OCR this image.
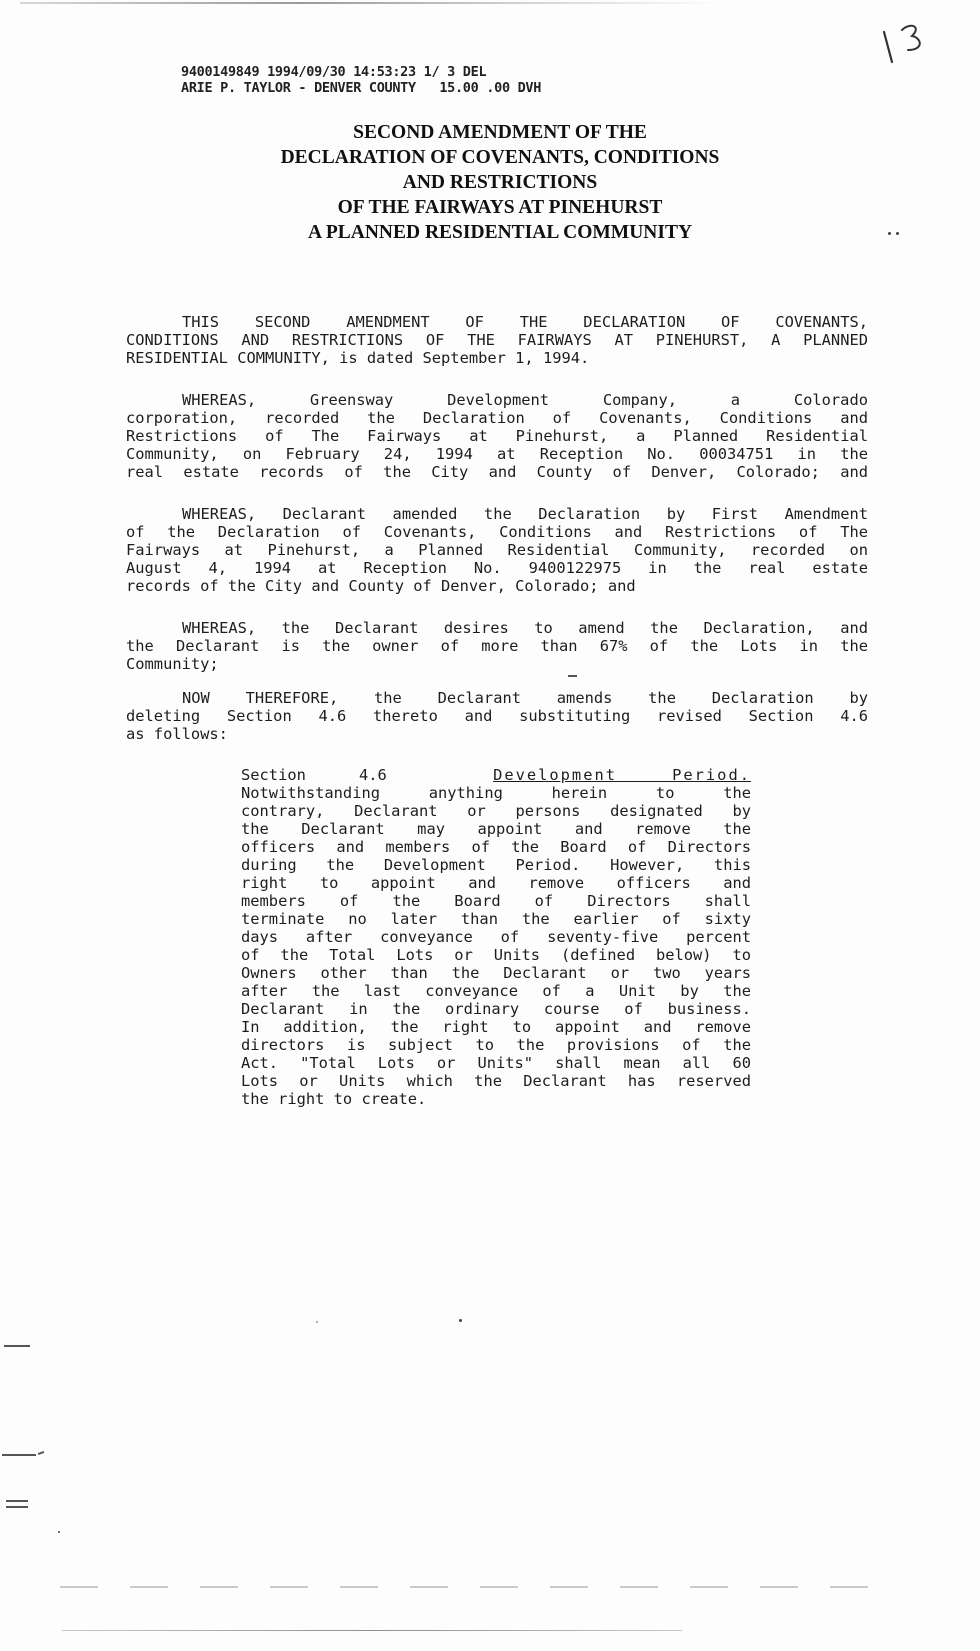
9400149849 1994/09/30 14:53:23 1/ 3 DEL
ARIE P. TAYLOR - DENVER COUNTY 15.00 .00 DVH
SECOND AMENDMENT OF THE
DECLARATION OF COVENANTS, CONDITIONS
AND RESTRICTIONS
OF THE FAIRWAYS AT PINEHURST
A PLANNED RESIDENTIAL COMMUNITY
THIS SECOND AMENDMENT OF THE DECLARATION OF COVENANTS,
CONDITIONS AND RESTRICTIONS OF THE FAIRWAYS AT PINEHURST, A PLANNED
RESIDENTIAL COMMUNITY, is dated September 1, 1994.
WHEREAS, Greensway Development Company, a Colorado
corporation, recorded the Declaration of Covenants, Conditions and
Restrictions of The Fairways at Pinehurst, a Planned Residential
Community, on February 24, 1994 at Reception No. 00034751 in the
real estate records of the City and County of Denver, Colorado; and
WHEREAS, Declarant amended the Declaration by First Amendment
of the Declaration of Covenants, Conditions and Restrictions of The
Fairways at Pinehurst, a Planned Residential Community, recorded on
August 4, 1994 at Reception No. 9400122975 in the real estate
records of the City and County of Denver, Colorado; and
WHEREAS, the Declarant desires to amend the Declaration, and
the Declarant is the owner of more than 67% of the Lots in the
Community;
NOW THEREFORE, the Declarant amends the Declaration by
deleting Section 4.6 thereto and substituting revised Section 4.6
as follows:
Section 4.6	Development Period.
Notwithstanding anything herein to the
contrary, Declarant or persons designated by
the Declarant may appoint and remove the
officers and members of the Board of Directors
during the Development Period. However, this
right to appoint and remove officers and
members of the Board of Directors shall
terminate no later than the earlier of sixty
days after conveyance of seventy-five percent
of the Total Lots or Units (defined below) to
Owners other than the Declarant or two years
after the last conveyance of a Unit by the
Declarant in the ordinary course of business.
In addition, the right to appoint and remove
directors is subject to the provisions of the
Act. "Total Lots or Units" shall mean all 60
Lots or Units which the Declarant has reserved
the right to create.
